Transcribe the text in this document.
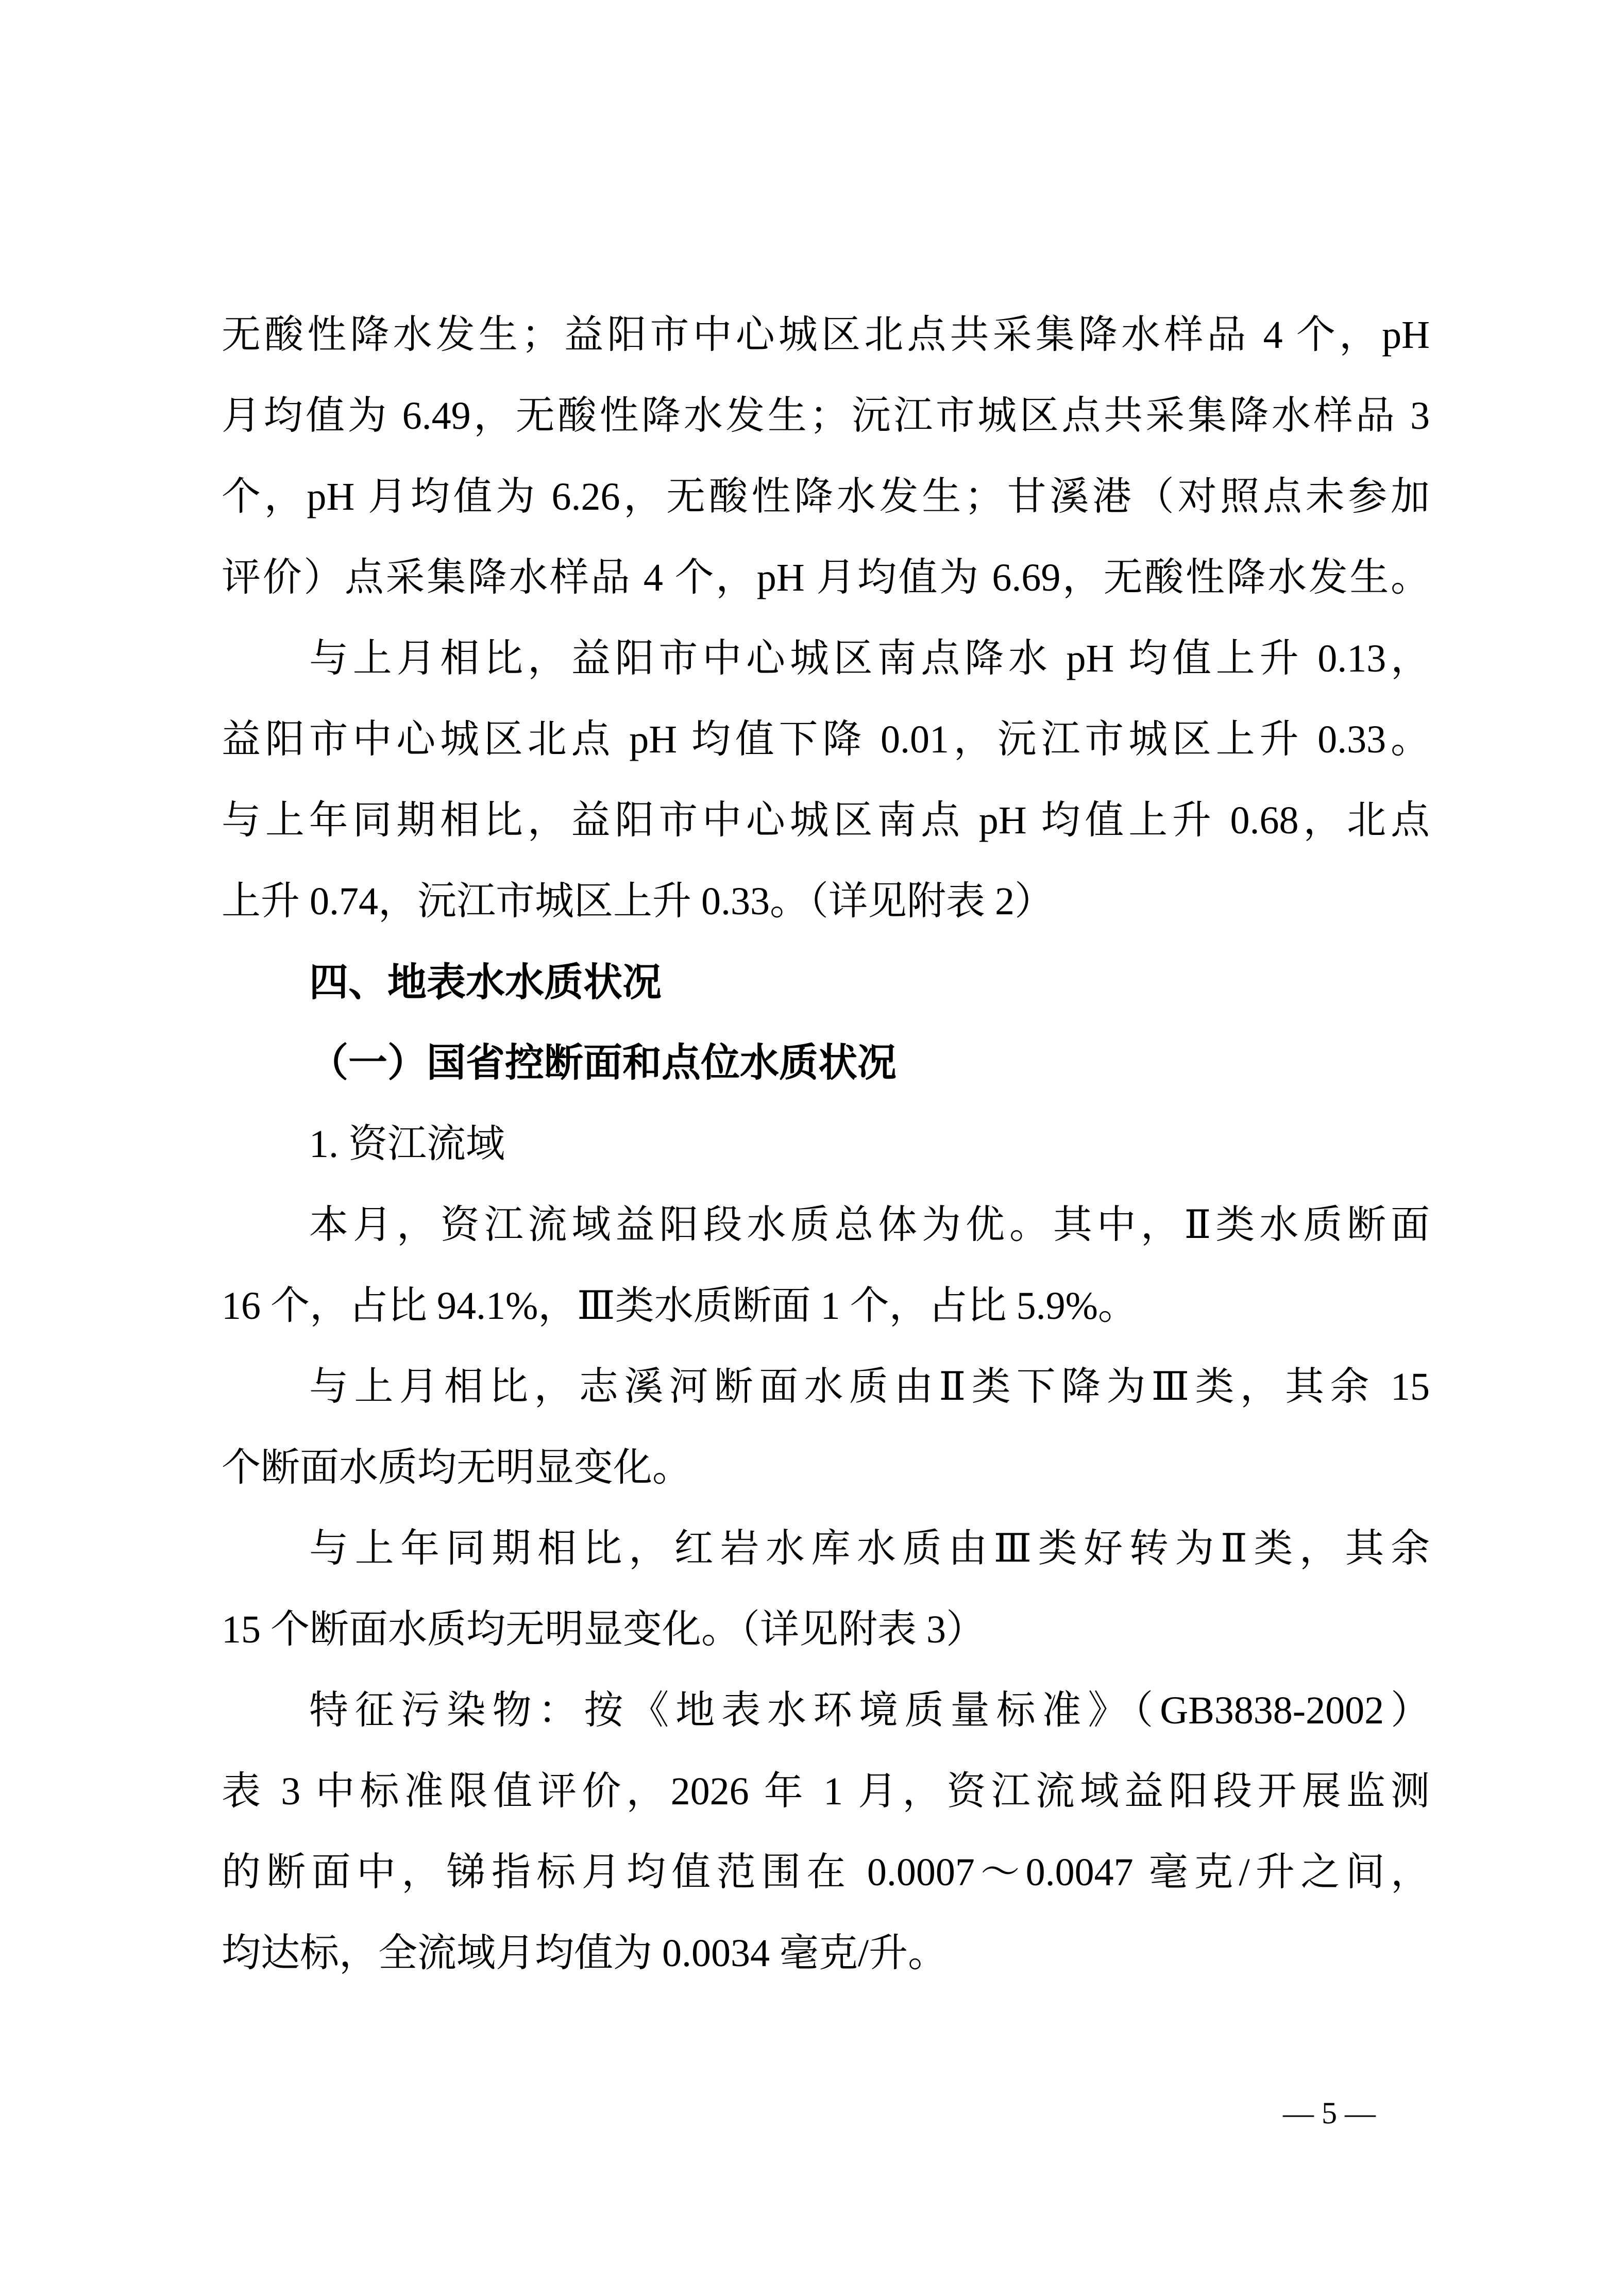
无酸性降水发生；益阳市中心城区北点共采集降水样品 4 个，pH
月均值为 6.49，无酸性降水发生；沅江市城区点共采集降水样品 3
个，pH 月均值为 6.26，无酸性降水发生；甘溪港（对照点未参加
评价）点采集降水样品 4 个，pH 月均值为 6.69，无酸性降水发生。
与上月相比，益阳市中心城区南点降水 pH 均值上升 0.13，
益阳市中心城区北点 pH 均值下降 0.01，沅江市城区上升 0.33。
与上年同期相比，益阳市中心城区南点 pH 均值上升 0.68，北点
上升 0.74，沅江市城区上升 0.33。（详见附表 2）
四、地表水水质状况
（一）国省控断面和点位水质状况
1. 资江流域
本月，资江流域益阳段水质总体为优。其中，Ⅱ类水质断面
16 个，占比 94.1%，Ⅲ类水质断面 1 个，占比 5.9%。
与上月相比，志溪河断面水质由Ⅱ类下降为Ⅲ类，其余 15
个断面水质均无明显变化。
与上年同期相比，红岩水库水质由Ⅲ类好转为Ⅱ类，其余
15 个断面水质均无明显变化。（详见附表 3）
特征污染物：按《地表水环境质量标准》（GB3838-2002）
表 3 中标准限值评价，2026 年 1 月，资江流域益阳段开展监测
的断面中，锑指标月均值范围在 0.0007～0.0047 毫克/升之间，
均达标，全流域月均值为 0.0034 毫克/升。
— 5 —
